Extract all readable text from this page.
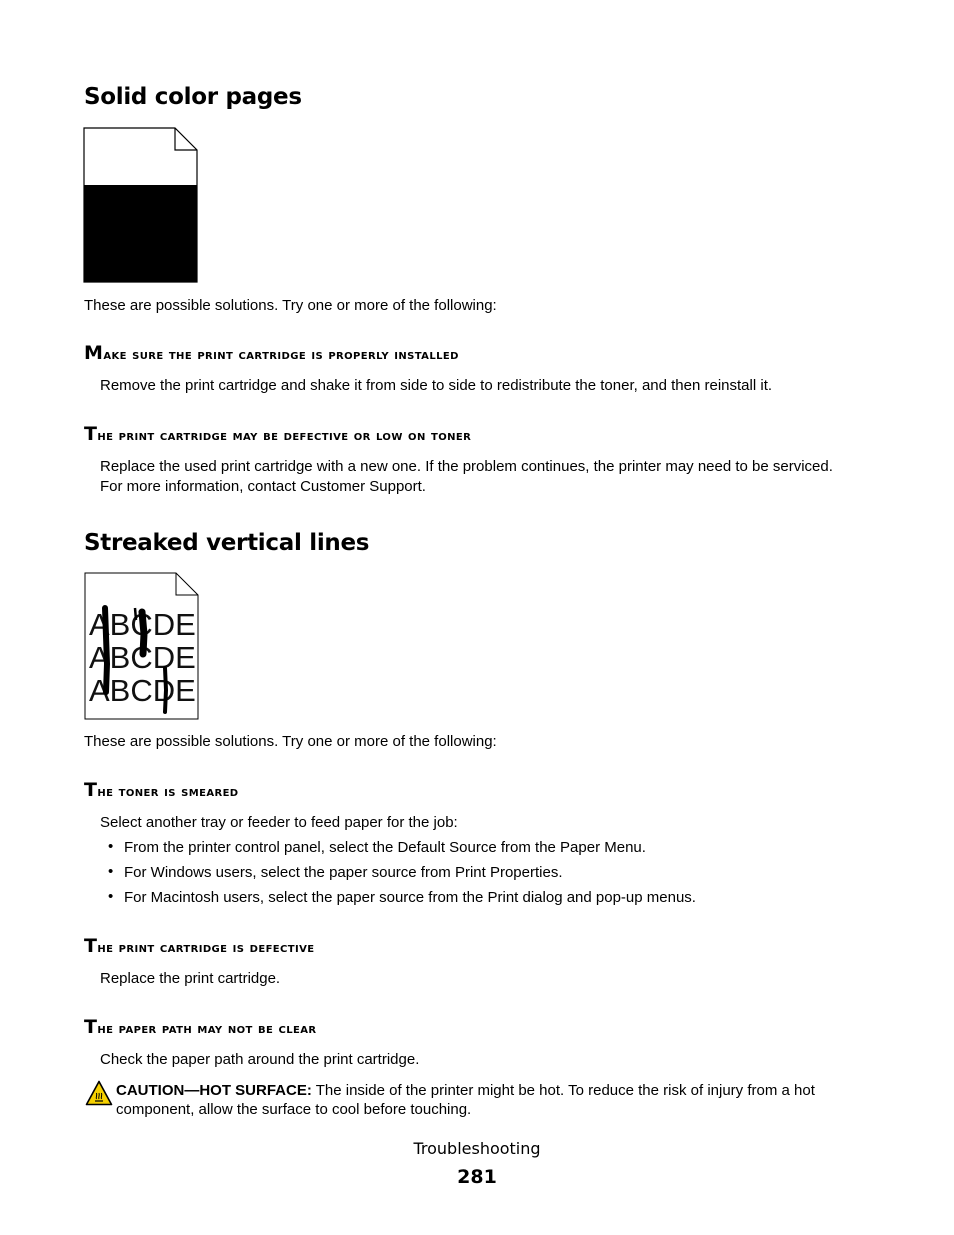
Solid color pages

These are possible solutions. Try one or more of the following:

Make sure the print cartridge is properly installed

Remove the print cartridge and shake it from side to side to redistribute the toner, and then reinstall it.

The print cartridge may be defective or low on toner

Replace the used print cartridge with a new one. If the problem continues, the printer may need to be serviced.

For more information, contact Customer Support.

Streaked vertical lines
ABCDE
ABCDE
ABCDE

These are possible solutions. Try one or more of the following:

The toner is smeared

Select another tray or feeder to feed paper for the job:

• From the printer control panel, select the Default Source from the Paper Menu.

• For Windows users, select the paper source from Print Properties.

• For Macintosh users, select the paper source from the Print dialog and pop-up menus.

The print cartridge is defective

Replace the print cartridge.

The paper path may not be clear

Check the paper path around the print cartridge.

CAUTION—HOT SURFACE: The inside of the printer might be hot. To reduce the risk of injury from a hot

component, allow the surface to cool before touching.

Troubleshooting
281
